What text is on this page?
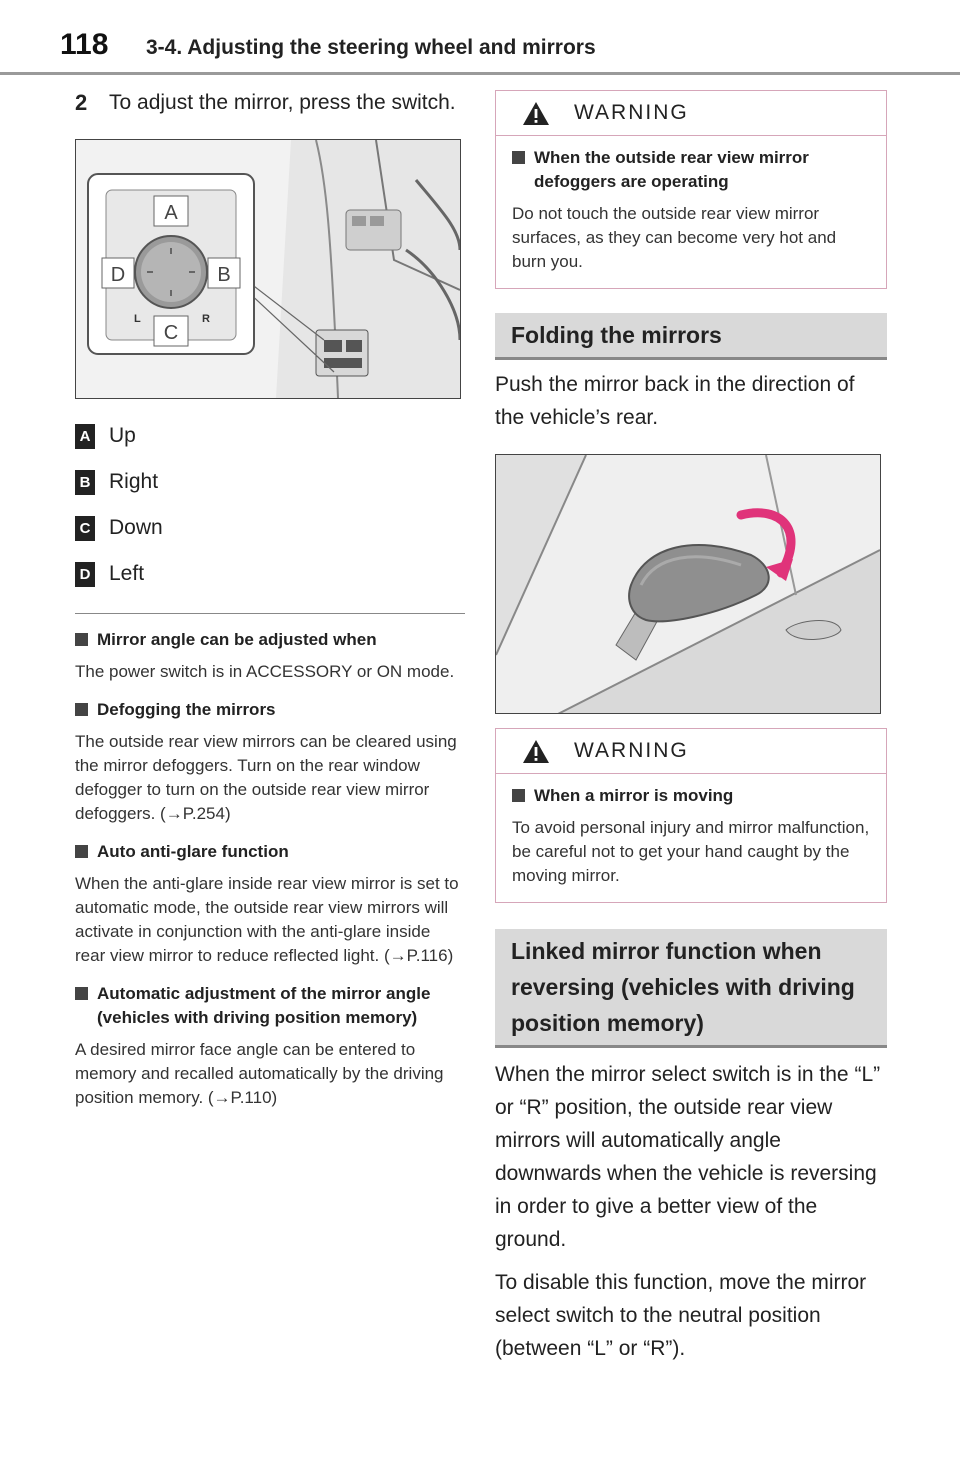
118 3-4. Adjusting the steering wheel and mirrors
2 To adjust the mirror, press the switch.
A
D	B
C
L	R
A Up
B Right
C Down
D Left
Mirror angle can be adjusted when
The power switch is in ACCESSORY or ON mode.
Defogging the mirrors
The outside rear view mirrors can be cleared using the mirror defoggers. Turn on the rear window defogger to turn on the outside rear view mirror defoggers. (→P.254)
Auto anti-glare function
When the anti-glare inside rear view mirror is set to automatic mode, the outside rear view mirrors will activate in conjunction with the anti-glare inside rear view mirror to reduce reflected light. (→P.116)
Automatic adjustment of the mirror angle (vehicles with driving position memory)
A desired mirror face angle can be entered to memory and recalled automatically by the driving position memory. (→P.110)
WARNING
When the outside rear view mirror defoggers are operating
Do not touch the outside rear view mirror surfaces, as they can become very hot and burn you.
Folding the mirrors
Push the mirror back in the direction of the vehicle’s rear.
WARNING
When a mirror is moving
To avoid personal injury and mirror malfunction, be careful not to get your hand caught by the moving mirror.
Linked mirror function when reversing (vehicles with driving position memory)
When the mirror select switch is in the “L” or “R” position, the outside rear view mirrors will automatically angle downwards when the vehicle is reversing in order to give a better view of the ground.
To disable this function, move the mirror select switch to the neutral position (between “L” or “R”).
